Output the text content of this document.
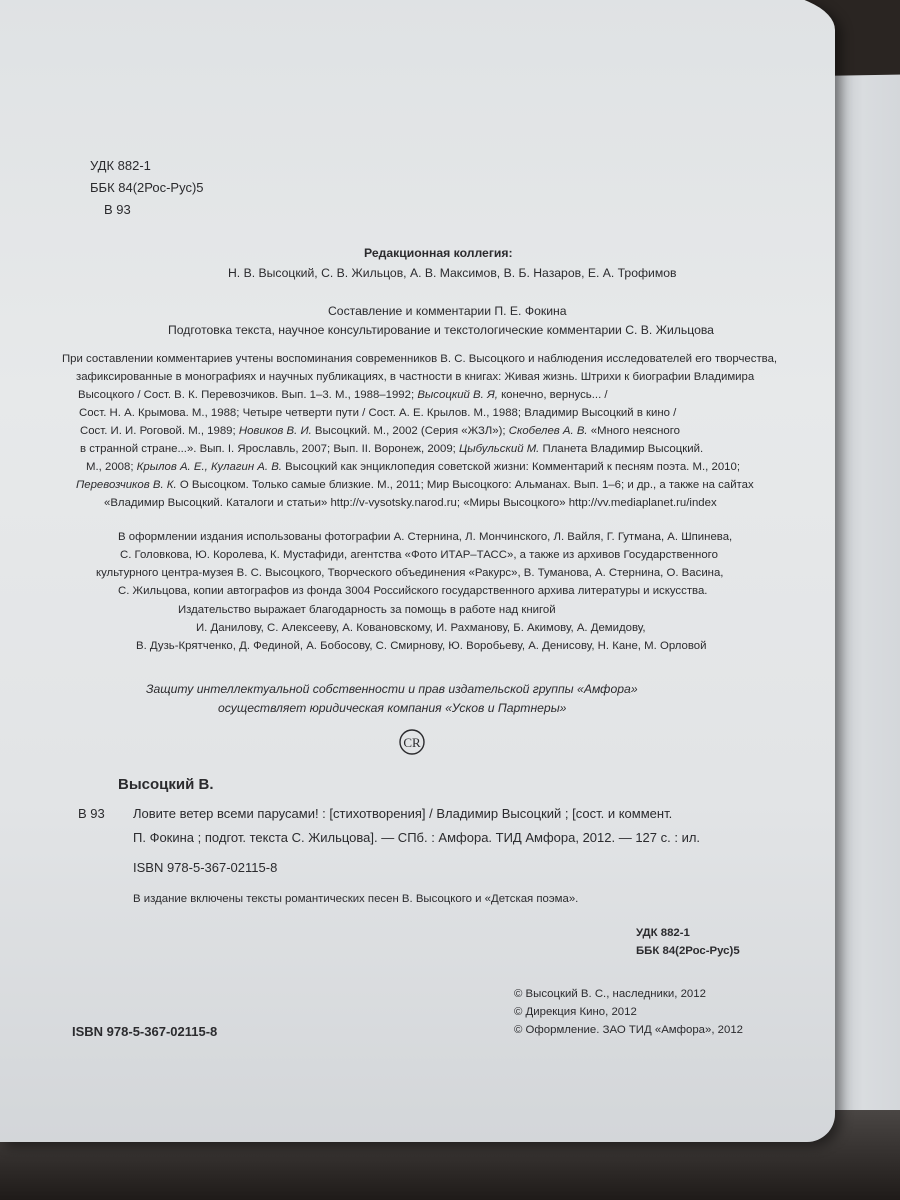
УДК 882-1
ББК 84(2Рос-Рус)5
В 93
Редакционная коллегия:
Н. В. Высоцкий, С. В. Жильцов, А. В. Максимов, В. Б. Назаров, Е. А. Трофимов
Составление и комментарии П. Е. Фокина
Подготовка текста, научное консультирование и текстологические комментарии С. В. Жильцова
При составлении комментариев учтены воспоминания современников В. С. Высоцкого и наблюдения исследователей его творчества,
зафиксированные в монографиях и научных публикациях, в частности в книгах: Живая жизнь. Штрихи к биографии Владимира
Высоцкого / Сост. В. К. Перевозчиков. Вып. 1–3. М., 1988–1992; Высоцкий В. Я, конечно, вернусь... /
Сост. Н. А. Крымова. М., 1988; Четыре четверти пути / Сост. А. Е. Крылов. М., 1988; Владимир Высоцкий в кино /
Сост. И. И. Роговой. М., 1989; Новиков В. И. Высоцкий. М., 2002 (Серия «ЖЗЛ»); Скобелев А. В. «Много неясного
в странной стране...». Вып. I. Ярославль, 2007; Вып. II. Воронеж, 2009; Цыбульский М. Планета Владимир Высоцкий.
М., 2008; Крылов А. Е., Кулагин А. В. Высоцкий как энциклопедия советской жизни: Комментарий к песням поэта. М., 2010;
Перевозчиков В. К. О Высоцком. Только самые близкие. М., 2011; Мир Высоцкого: Альманах. Вып. 1–6; и др., а также на сайтах
«Владимир Высоцкий. Каталоги и статьи» http://v-vysotsky.narod.ru; «Миры Высоцкого» http://vv.mediaplanet.ru/index
В оформлении издания использованы фотографии А. Стернина, Л. Мончинского, Л. Вайля, Г. Гутмана, А. Шпинева,
С. Головкова, Ю. Королева, К. Мустафиди, агентства «Фото ИТАР–ТАСС», а также из архивов Государственного
культурного центра-музея В. С. Высоцкого, Творческого объединения «Ракурс», В. Туманова, А. Стернина, О. Васина,
С. Жильцова, копии автографов из фонда 3004 Российского государственного архива литературы и искусства.
Издательство выражает благодарность за помощь в работе над книгой
И. Данилову, С. Алексееву, А. Ковановскому, И. Рахманову, Б. Акимову, А. Демидову,
В. Дузь-Крятченко, Д. Фединой, А. Бобосову, С. Смирнову, Ю. Воробьеву, А. Денисову, Н. Кане, М. Орловой
Защиту интеллектуальной собственности и прав издательской группы «Амфора»
осуществляет юридическая компания «Усков и Партнеры»
CR
Высоцкий В.
В 93 Ловите ветер всеми парусами! : [стихотворения] / Владимир Высоцкий ; [сост. и коммент.
П. Фокина ; подгот. текста С. Жильцова]. — СПб. : Амфора. ТИД Амфора, 2012. — 127 с. : ил.
ISBN 978-5-367-02115-8
В издание включены тексты романтических песен В. Высоцкого и «Детская поэма».
УДК 882-1
ББК 84(2Рос-Рус)5
© Высоцкий В. С., наследники, 2012
© Дирекция Кино, 2012
© Оформление. ЗАО ТИД «Амфора», 2012
ISBN 978-5-367-02115-8
